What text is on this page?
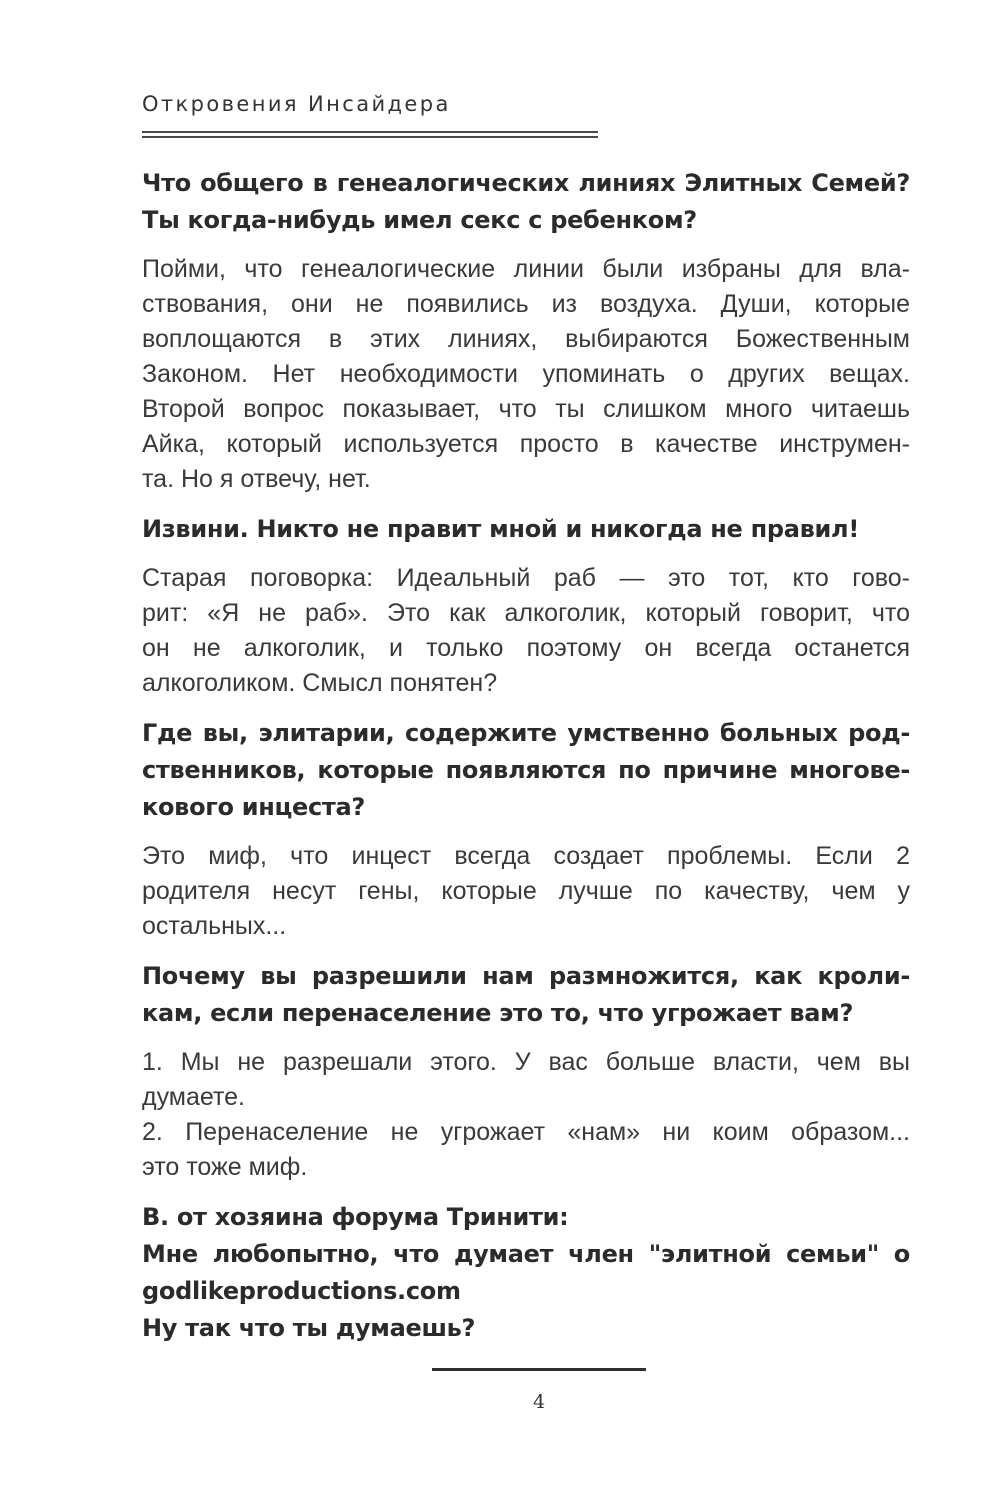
Откровения Инсайдера

Что общего в генеалогических линиях Элитных Семей?
Ты когда-нибудь имел секс с ребенком?

Пойми, что генеалогические линии были избраны для вла-
ствования, они не появились из воздуха. Души, которые
воплощаются в этих линиях, выбираются Божественным
Законом. Нет необходимости упоминать о других вещах.
Второй вопрос показывает, что ты слишком много читаешь
Айка, который используется просто в качестве инструмен-
та. Но я отвечу, нет.

Извини. Никто не правит мной и никогда не правил!

Старая поговорка: Идеальный раб — это тот, кто гово-
рит: «Я не раб». Это как алкоголик, который говорит, что
он не алкоголик, и только поэтому он всегда останется
алкоголиком. Смысл понятен?

Где вы, элитарии, содержите умственно больных род-
ственников, которые появляются по причине многове-
кового инцеста?

Это миф, что инцест всегда создает проблемы. Если 2
родителя несут гены, которые лучше по качеству, чем у
остальных...

Почему вы разрешили нам размножится, как кроли-
кам, если перенаселение это то, что угрожает вам?

1. Мы не разрешали этого. У вас больше власти, чем вы
думаете.
2. Перенаселение не угрожает «нам» ни коим образом...
это тоже миф.

В. от хозяина форума Тринити:
Мне любопытно, что думает член "элитной семьи" о
godlikeproductions.com
Ну так что ты думаешь?

4
